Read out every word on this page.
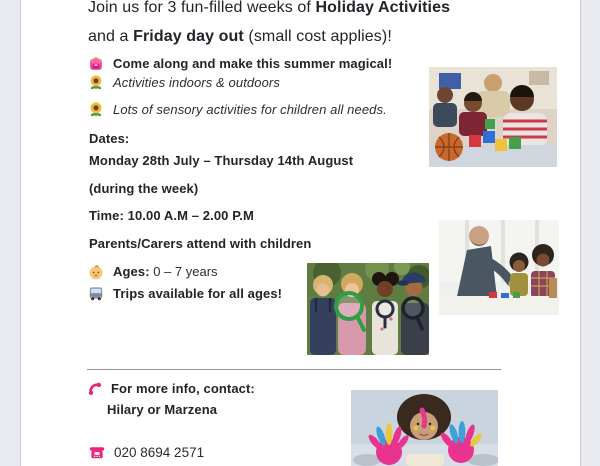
Join us for 3 fun-filled weeks of Holiday Activities
and a Friday day out (small cost applies)!
Come along and make this summer magical!
Activities indoors & outdoors
Lots of sensory activities for children all needs.
Dates:
Monday 28th July – Thursday 14th August
(during the week)
Time: 10.00 A.M – 2.00 P.M
Parents/Carers attend with children
Ages: 0 – 7 years
Trips available for all ages!
For more info, contact:
Hilary or Marzena
020 8694 2571
